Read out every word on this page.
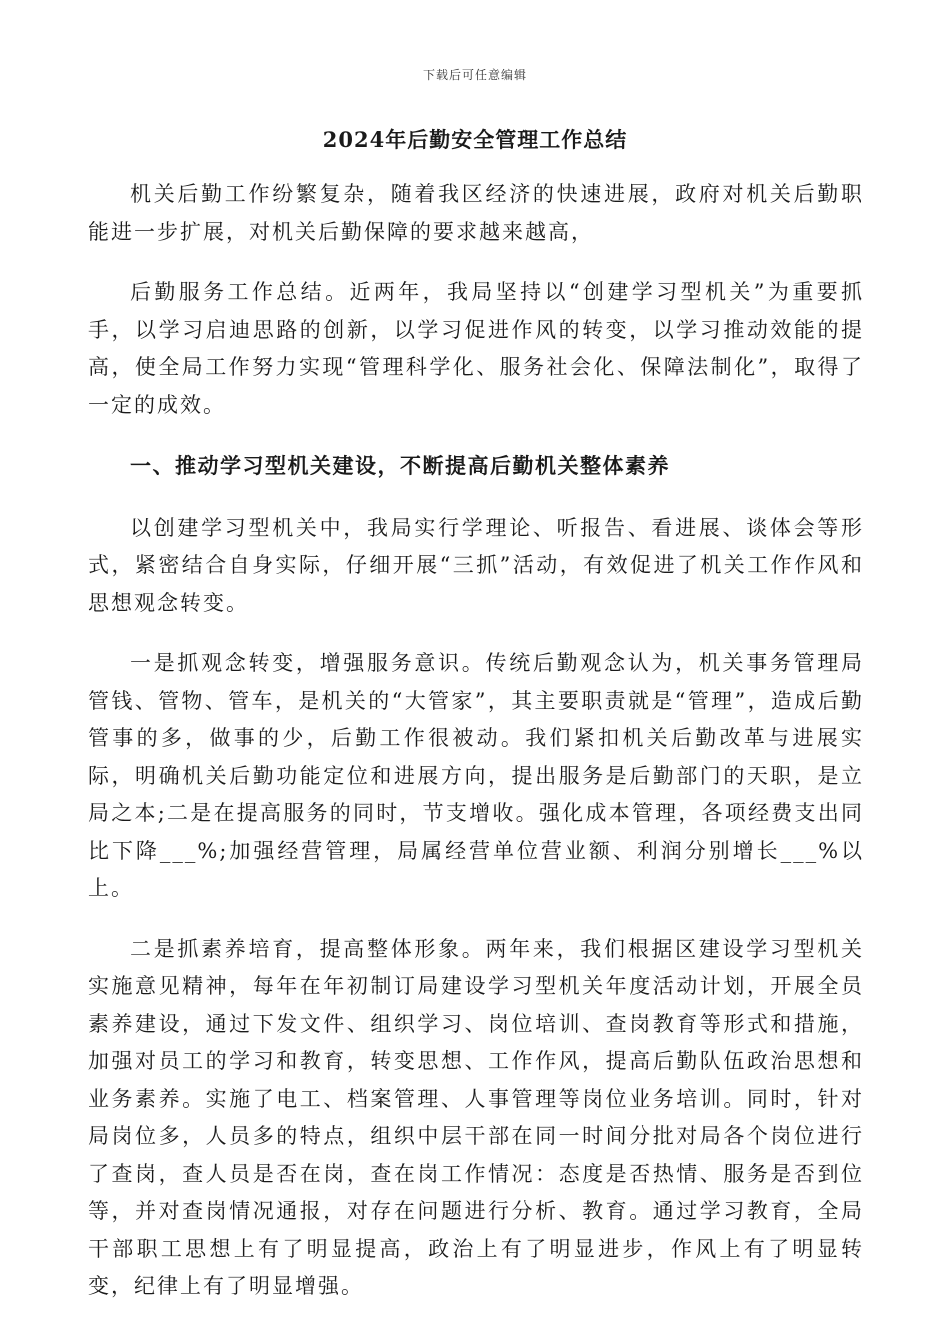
下载后可任意编辑
2024年后勤安全管理工作总结

机关后勤工作纷繁复杂，随着我区经济的快速进展，政府对机关后勤职能进一步扩展，对机关后勤保障的要求越来越高，

后勤服务工作总结。近两年，我局坚持以“创建学习型机关”为重要抓手，以学习启迪思路的创新，以学习促进作风的转变，以学习推动效能的提高，使全局工作努力实现“管理科学化、服务社会化、保障法制化”，取得了一定的成效。

一、推动学习型机关建设，不断提高后勤机关整体素养

以创建学习型机关中，我局实行学理论、听报告、看进展、谈体会等形式，紧密结合自身实际，仔细开展“三抓”活动，有效促进了机关工作作风和思想观念转变。

一是抓观念转变，增强服务意识。传统后勤观念认为，机关事务管理局管钱、管物、管车，是机关的“大管家”，其主要职责就是“管理”，造成后勤管事的多，做事的少，后勤工作很被动。我们紧扣机关后勤改革与进展实际，明确机关后勤功能定位和进展方向，提出服务是后勤部门的天职，是立局之本;二是在提高服务的同时，节支增收。强化成本管理，各项经费支出同比下降___%;加强经营管理，局属经营单位营业额、利润分别增长___%以上。

二是抓素养培育，提高整体形象。两年来，我们根据区建设学习型机关实施意见精神，每年在年初制订局建设学习型机关年度活动计划，开展全员素养建设，通过下发文件、组织学习、岗位培训、查岗教育等形式和措施，加强对员工的学习和教育，转变思想、工作作风，提高后勤队伍政治思想和业务素养。实施了电工、档案管理、人事管理等岗位业务培训。同时，针对局岗位多，人员多的特点，组织中层干部在同一时间分批对局各个岗位进行了查岗，查人员是否在岗，查在岗工作情况：态度是否热情、服务是否到位等，并对查岗情况通报，对存在问题进行分析、教育。通过学习教育，全局干部职工思想上有了明显提高，政治上有了明显进步，作风上有了明显转变，纪律上有了明显增强。
